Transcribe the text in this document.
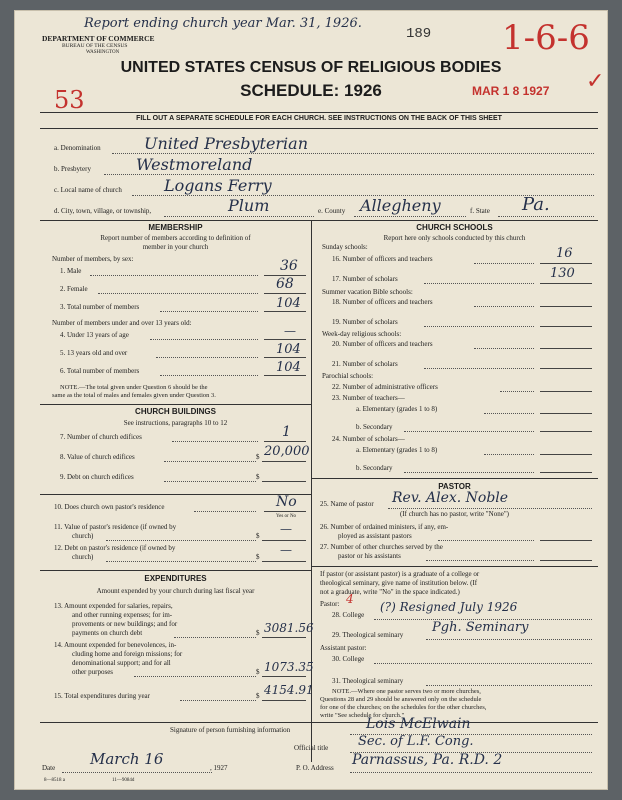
Report ending church year Mar. 31, 1926.
DEPARTMENT OF COMMERCE
BUREAU OF THE CENSUS
WASHINGTON
189 1-6-6
✓
53	MAR 1 8 1927
UNITED STATES CENSUS OF RELIGIOUS BODIES
SCHEDULE: 1926
FILL OUT A SEPARATE SCHEDULE FOR EACH CHURCH. SEE INSTRUCTIONS ON THE BACK OF THIS SHEET
a. Denomination	United Presbyterian
b. Presbytery	Westmoreland
c. Local name of church	Logans Ferry
d. City, town, village, or township,	Plum	e. County Allegheny	f. State Pa.
MEMBERSHIP
Report number of members according to definition of
member in your church
Number of members, by sex:
1. Male	36
2. Female	68
3. Total number of members	104
Number of members under and over 13 years old:
4. Under 13 years of age	—
5. 13 years old and over	104
6. Total number of members	104
NOTE.—The total given under Question 6 should be the
same as the total of males and females given under Question 3.
CHURCH BUILDINGS
See instructions, paragraphs 10 to 12
7. Number of church edifices	1
8. Value of church edifices	$ 20,000
9. Debt on church edifices	$
10. Does church own pastor's residence	No
Yes or No
11. Value of pastor's residence (if owned by
church)	$ —
12. Debt on pastor's residence (if owned by
church)	$ —
EXPENDITURES
Amount expended by your church during last fiscal year
13. Amount expended for salaries, repairs,
and other running expenses; for im-
provements or new buildings; and for
payments on church debt	$ 3081.56
14. Amount expended for benevolences, in-
cluding home and foreign missions; for
denominational support; and for all
other purposes	$ 1073.35
15. Total expenditures during year	$ 4154.91
CHURCH SCHOOLS
Report here only schools conducted by this church
Sunday schools:
16. Number of officers and teachers	16
17. Number of scholars	130
Summer vacation Bible schools:
18. Number of officers and teachers
19. Number of scholars
Week-day religious schools:
20. Number of officers and teachers
21. Number of scholars
Parochial schools:
22. Number of administrative officers
23. Number of teachers—
a. Elementary (grades 1 to 8)
b. Secondary
24. Number of scholars—
a. Elementary (grades 1 to 8)
b. Secondary
PASTOR
25. Name of pastor Rev. Alex. Noble
(If church has no pastor, write "None")
26. Number of ordained ministers, if any, em-
ployed as assistant pastors
27. Number of other churches served by the
pastor or his assistants
If pastor (or assistant pastor) is a graduate of a college or
theological seminary, give name of institution below. (If
not a graduate, write "No" in the space indicated.)
Pastor: 4
28. College
(?) Resigned July 1926
29. Theological seminary Pgh. Seminary
Assistant pastor:
30. College
31. Theological seminary
NOTE.—Where one pastor serves two or more churches,
Questions 28 and 29 should be answered only on the schedule
for one of the churches; on the schedules for the other churches,
write "See schedule for church."
Signature of person furnishing information	Lois McElwain
Official title Sec. of L.F. Cong.
Date March 16	, 1927	P. O. Address Parnassus, Pa. R.D. 2
8—8518 a	11—9084d
